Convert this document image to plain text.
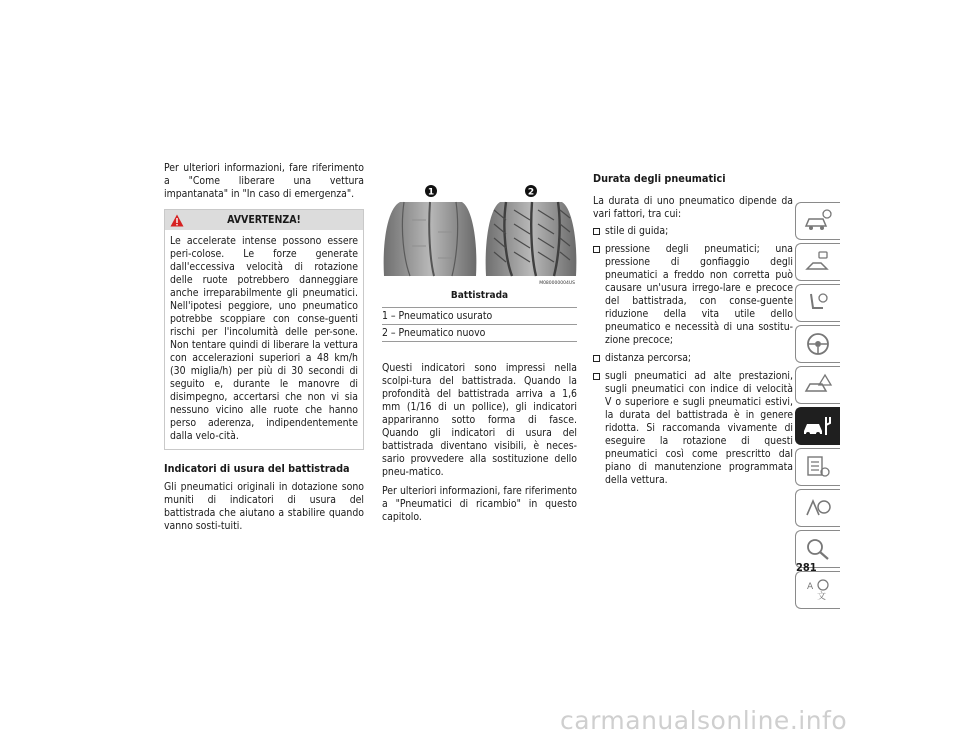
Per ulteriori informazioni, fare riferimento a "Come liberare una vettura impantanata" in "In caso di emergenza".

AVVERTENZA!

Le accelerate intense possono essere peri-colose. Le forze generate dall'eccessiva velocità di rotazione delle ruote potrebbero danneggiare anche irreparabilmente gli pneumatici. Nell'ipotesi peggiore, uno pneumatico potrebbe scoppiare con conse-guenti rischi per l'incolumità delle per-sone. Non tentare quindi di liberare la vettura con accelerazioni superiori a 48 km/h (30 miglia/h) per più di 30 secondi di seguito e, durante le manovre di disimpegno, accertarsi che non vi sia nessuno vicino alle ruote che hanno perso aderenza, indipendentemente dalla velo-cità.

Indicatori di usura del battistrada

Gli pneumatici originali in dotazione sono muniti di indicatori di usura del battistrada che aiutano a stabilire quando vanno sosti-tuiti.

1	2
M080000004US
Battistrada
1 – Pneumatico usurato
2 – Pneumatico nuovo

Questi indicatori sono impressi nella scolpi-tura del battistrada. Quando la profondità del battistrada arriva a 1,6 mm (1/16 di un pollice), gli indicatori appariranno sotto forma di fasce. Quando gli indicatori di usura del battistrada diventano visibili, è neces-sario provvedere alla sostituzione dello pneu-matico.

Per ulteriori informazioni, fare riferimento a "Pneumatici di ricambio" in questo capitolo.

Durata degli pneumatici

La durata di uno pneumatico dipende da vari fattori, tra cui:

stile di guida;
pressione degli pneumatici; una pressione di gonfiaggio degli pneumatici a freddo non corretta può causare un'usura irrego-lare e precoce del battistrada, con conse-guente riduzione della vita utile dello pneumatico e necessità di una sostitu-zione precoce;
distanza percorsa;
sugli pneumatici ad alte prestazioni, sugli pneumatici con indice di velocità V o superiore e sugli pneumatici estivi, la durata del battistrada è in genere ridotta. Si raccomanda vivamente di eseguire la rotazione di questi pneumatici così come prescritto dal piano di manutenzione programmata della vettura.
A
文
281
carmanualsonline.info
